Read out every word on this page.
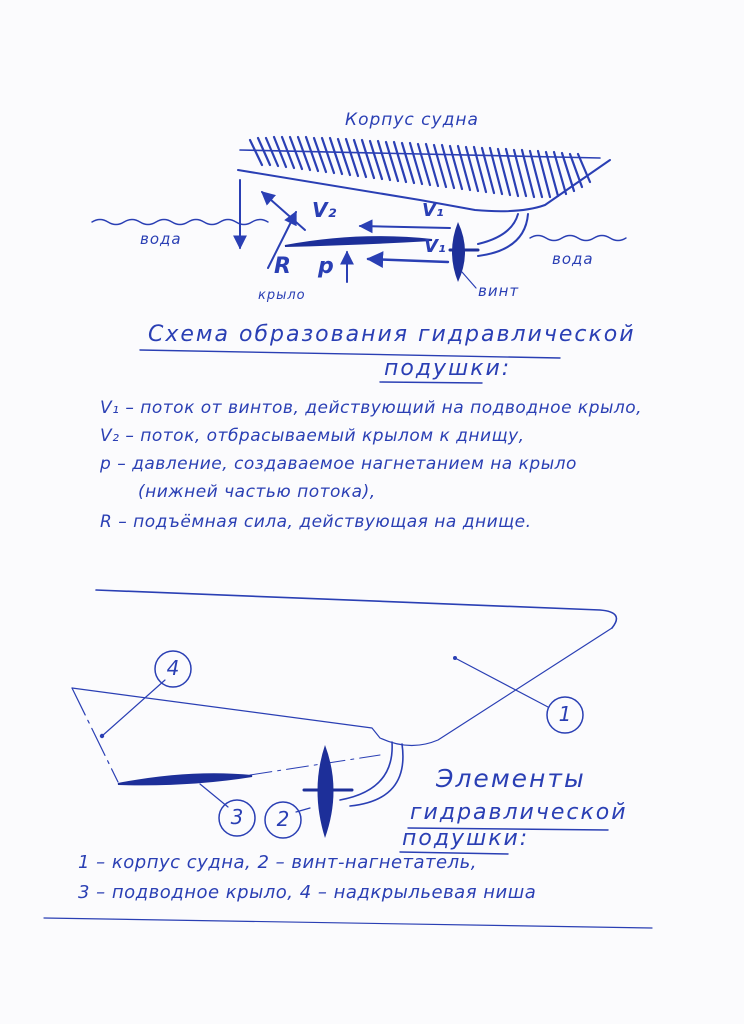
Корпус судна
вода
вода
крыло	винт
V₁
V₁
V₂
R p
Схема образования гидравлической
подушки:
V₁ – поток от винтов, действующий на подводное крыло,
V₂ – поток, отбрасываемый крылом к днищу,
p – давление, создаваемое нагнетанием на крыло
(нижней частью потока),
R – подъёмная сила, действующая на днище.
1
2
3
4
Элементы
гидравлической
подушки:
1 – корпус судна, 2 – винт-нагнетатель,
3 – подводное крыло, 4 – надкрыльевая ниша
